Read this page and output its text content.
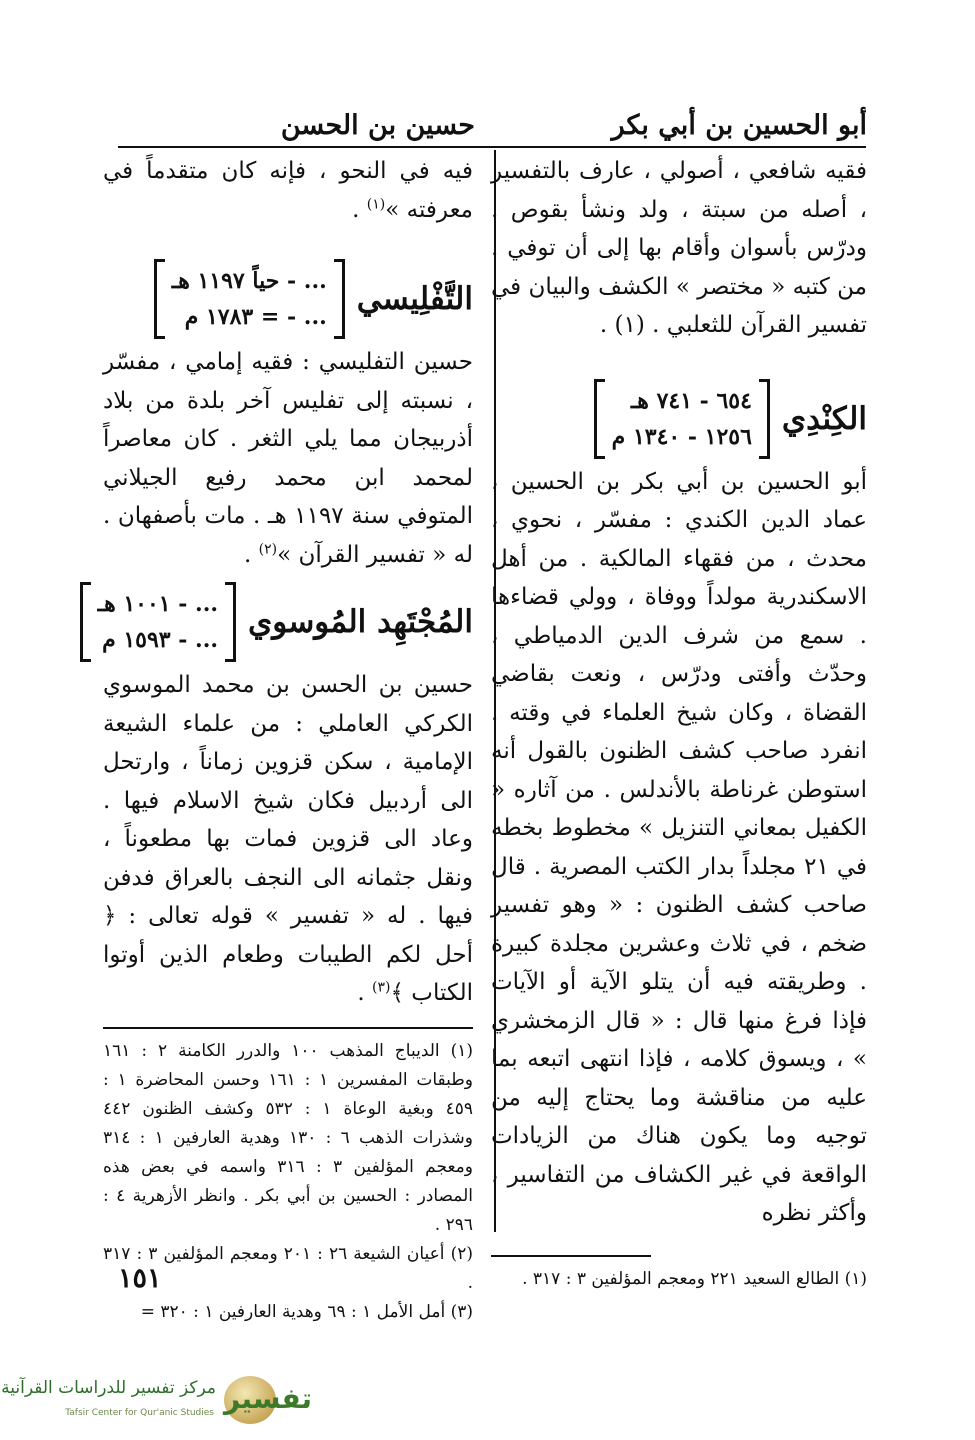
أبو الحسين بن أبي بكر
حسين بن الحسن

فقيه شافعي ، أصولي ، عارف بالتفسير ، أصله من سبتة ، ولد ونشأ بقوص . ودرّس بأسوان وأقام بها إلى أن توفي . من كتبه « مختصر » الكشف والبيان في تفسير القرآن للثعلبي . (١) .

الكِنْدِي
٦٥٤ - ٧٤١ هـ
١٢٥٦ - ١٣٤٠ م

أبو الحسين بن أبي بكر بن الحسين ، عماد الدين الكندي : مفسّر ، نحوي ، محدث ، من فقهاء المالكية . من أهل الاسكندرية مولداً ووفاة ، وولي قضاءها . سمع من شرف الدين الدمياطي ، وحدّث وأفتى ودرّس ، ونعت بقاضي القضاة ، وكان شيخ العلماء في وقته . انفرد صاحب كشف الظنون بالقول أنه استوطن غرناطة بالأندلس . من آثاره « الكفيل بمعاني التنزيل » مخطوط بخطه في ٢١ مجلداً بدار الكتب المصرية . قال صاحب كشف الظنون : « وهو تفسير ضخم ، في ثلاث وعشرين مجلدة كبيرة . وطريقته فيه أن يتلو الآية أو الآيات فإذا فرغ منها قال : « قال الزمخشري » ، ويسوق كلامه ، فإذا انتهى اتبعه بما عليه من مناقشة وما يحتاج إليه من توجيه وما يكون هناك من الزيادات الواقعة في غير الكشاف من التفاسير ، وأكثر نظره

(١) الطالع السعيد ٢٢١ ومعجم المؤلفين ٣ : ٣١٧ .

فيه في النحو ، فإنه كان متقدماً في معرفته »$^{(١)}$ .

التَّفْلِيسي
... - حياً ١١٩٧ هـ
... - = ١٧٨٣ م

حسين التفليسي : فقيه إمامي ، مفسّر ، نسبته إلى تفليس آخر بلدة من بلاد أذربيجان مما يلي الثغر . كان معاصراً لمحمد ابن محمد رفيع الجيلاني المتوفي سنة ١١٩٧ هـ . مات بأصفهان . له « تفسير القرآن »$^{(٢)}$ .

المُجْتَهِد المُوسوي
... - ١٠٠١ هـ
... - ١٥٩٣ م

حسين بن الحسن بن محمد الموسوي الكركي العاملي : من علماء الشيعة الإمامية ، سكن قزوين زماناً ، وارتحل الى أردبيل فكان شيخ الاسلام فيها . وعاد الى قزوين فمات بها مطعوناً ، ونقل جثمانه الى النجف بالعراق فدفن فيها . له « تفسير » قوله تعالى : ﴿ أحل لكم الطيبات وطعام الذين أوتوا الكتاب ﴾$^{(٣)}$ .

(١) الديباج المذهب ١٠٠ والدرر الكامنة ٢ : ١٦١ وطبقات المفسرين ١ : ١٦١ وحسن المحاضرة ١ : ٤٥٩ وبغية الوعاة ١ : ٥٣٢ وكشف الظنون ٤٤٢ وشذرات الذهب ٦ : ١٣٠ وهدية العارفين ١ : ٣١٤ ومعجم المؤلفين ٣ : ٣١٦ واسمه في بعض هذه المصادر : الحسين بن أبي بكر . وانظر الأزهرية ٤ : ٢٩٦ .

(٢) أعيان الشيعة ٢٦ : ٢٠١ ومعجم المؤلفين ٣ : ٣١٧ .

(٣) أمل الأمل ١ : ٦٩ وهدية العارفين ١ : ٣٢٠ =

١٥١
تفسير
مركز تفسير للدراسات القرآنية
Tafsir Center for Qur'anic Studies
